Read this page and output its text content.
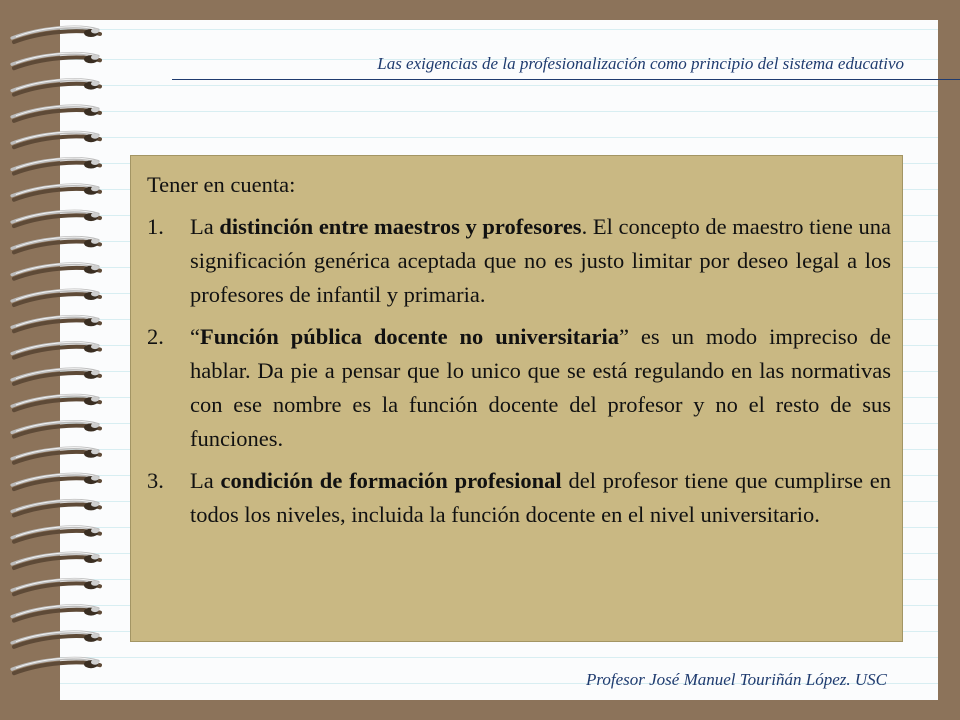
Las exigencias de la profesionalización como principio del sistema educativo

Tener en cuenta:

1. La distinción entre maestros y profesores. El concepto de maestro tiene una significación genérica aceptada que no es justo limitar por deseo legal a los profesores de infantil y primaria.
2. “Función pública docente no universitaria” es un modo impreciso de hablar. Da pie a pensar que lo unico que se está regulando en las normativas con ese nombre es la función docente del profesor y no el resto de sus funciones.
3. La condición de formación profesional del profesor tiene que cumplirse en todos los niveles, incluida la función docente en el nivel universitario.
Profesor José Manuel Touriñán López. USC
